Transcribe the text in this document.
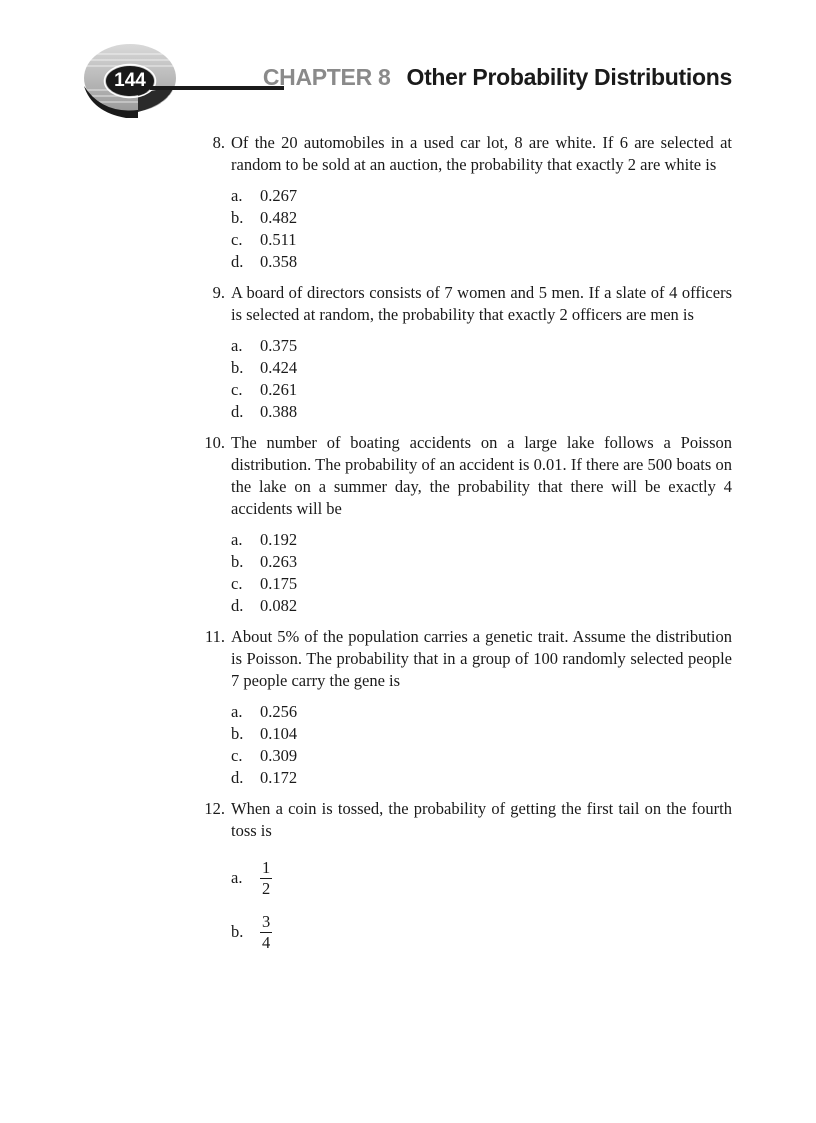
144	CHAPTER 8 Other Probability Distributions
8. Of the 20 automobiles in a used car lot, 8 are white. If 6 are selected at random to be sold at an auction, the probability that exactly 2 are white is
a.	0.267
b.	0.482
c.	0.511
d.	0.358
9. A board of directors consists of 7 women and 5 men. If a slate of 4 officers is selected at random, the probability that exactly 2 officers are men is
a.	0.375
b.	0.424
c.	0.261
d.	0.388
10. The number of boating accidents on a large lake follows a Poisson distribution. The probability of an accident is 0.01. If there are 500 boats on the lake on a summer day, the probability that there will be exactly 4 accidents will be
a.	0.192
b.	0.263
c.	0.175
d.	0.082
11. About 5% of the population carries a genetic trait. Assume the distribution is Poisson. The probability that in a group of 100 randomly selected people 7 people carry the gene is
a.	0.256
b.	0.104
c.	0.309
d.	0.172
12. When a coin is tossed, the probability of getting the first tail on the fourth toss is
a.	$\frac{1}{2}$
b.	$\frac{3}{4}$
